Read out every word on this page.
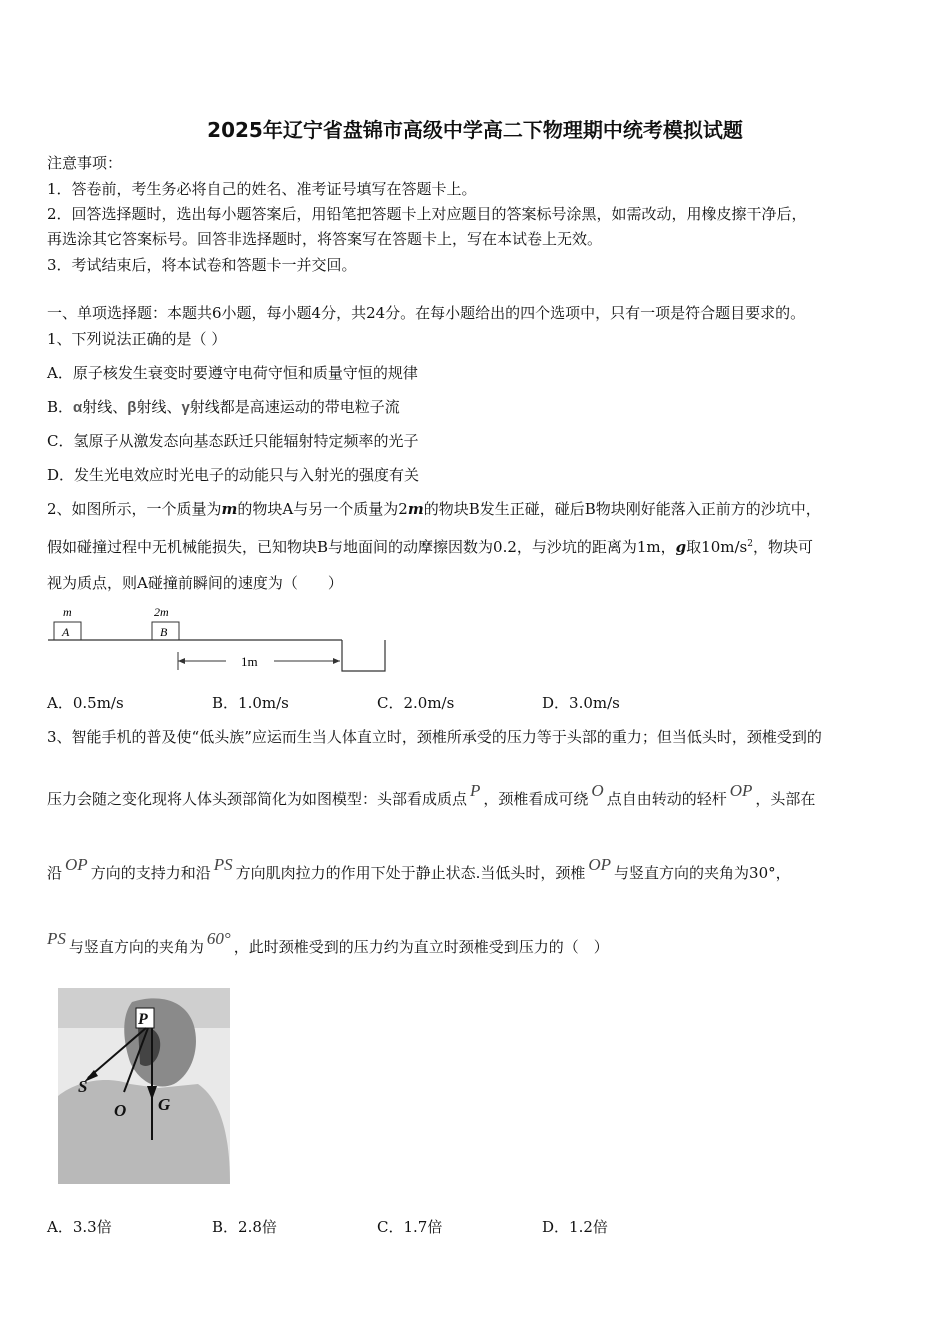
2025年辽宁省盘锦市高级中学高二下物理期中统考模拟试题
注意事项：
1．答卷前，考生务必将自己的姓名、准考证号填写在答题卡上。
2．回答选择题时，选出每小题答案后，用铅笔把答题卡上对应题目的答案标号涂黑，如需改动，用橡皮擦干净后，
再选涂其它答案标号。回答非选择题时，将答案写在答题卡上，写在本试卷上无效。
3．考试结束后，将本试卷和答题卡一并交回。
一、单项选择题：本题共6小题，每小题4分，共24分。在每小题给出的四个选项中，只有一项是符合题目要求的。
1、下列说法正确的是（ ）
A．原子核发生衰变时要遵守电荷守恒和质量守恒的规律
B．α射线、β射线、γ射线都是高速运动的带电粒子流
C．氢原子从激发态向基态跃迁只能辐射特定频率的光子
D．发生光电效应时光电子的动能只与入射光的强度有关
2、如图所示，一个质量为m的物块A与另一个质量为2m的物块B发生正碰，碰后B物块刚好能落入正前方的沙坑中，
假如碰撞过程中无机械能损失，已知物块B与地面间的动摩擦因数为0.2，与沙坑的距离为1m，g取$10m/s^2$，物块可
视为质点，则A碰撞前瞬间的速度为（　　）
m
A
2m
B
1m
A．0.5m/s	B．1.0m/s	C．2.0m/s	D．3.0m/s
3、智能手机的普及使“低头族”应运而生当人体直立时，颈椎所承受的压力等于头部的重力；但当低头时，颈椎受到的
压力会随之变化现将人体头颈部简化为如图模型：头部看成质点 P ，颈椎看成可绕 O 点自由转动的轻杆 OP ，头部在
沿 OP 方向的支持力和沿 PS 方向肌肉拉力的作用下处于静止状态.当低头时，颈椎 OP 与竖直方向的夹角为30°，
PS 与竖直方向的夹角为 60° ，此时颈椎受到的压力约为直立时颈椎受到压力的（　）
P
S
O G
A．3.3倍	B．2.8倍	C．1.7倍	D．1.2倍
